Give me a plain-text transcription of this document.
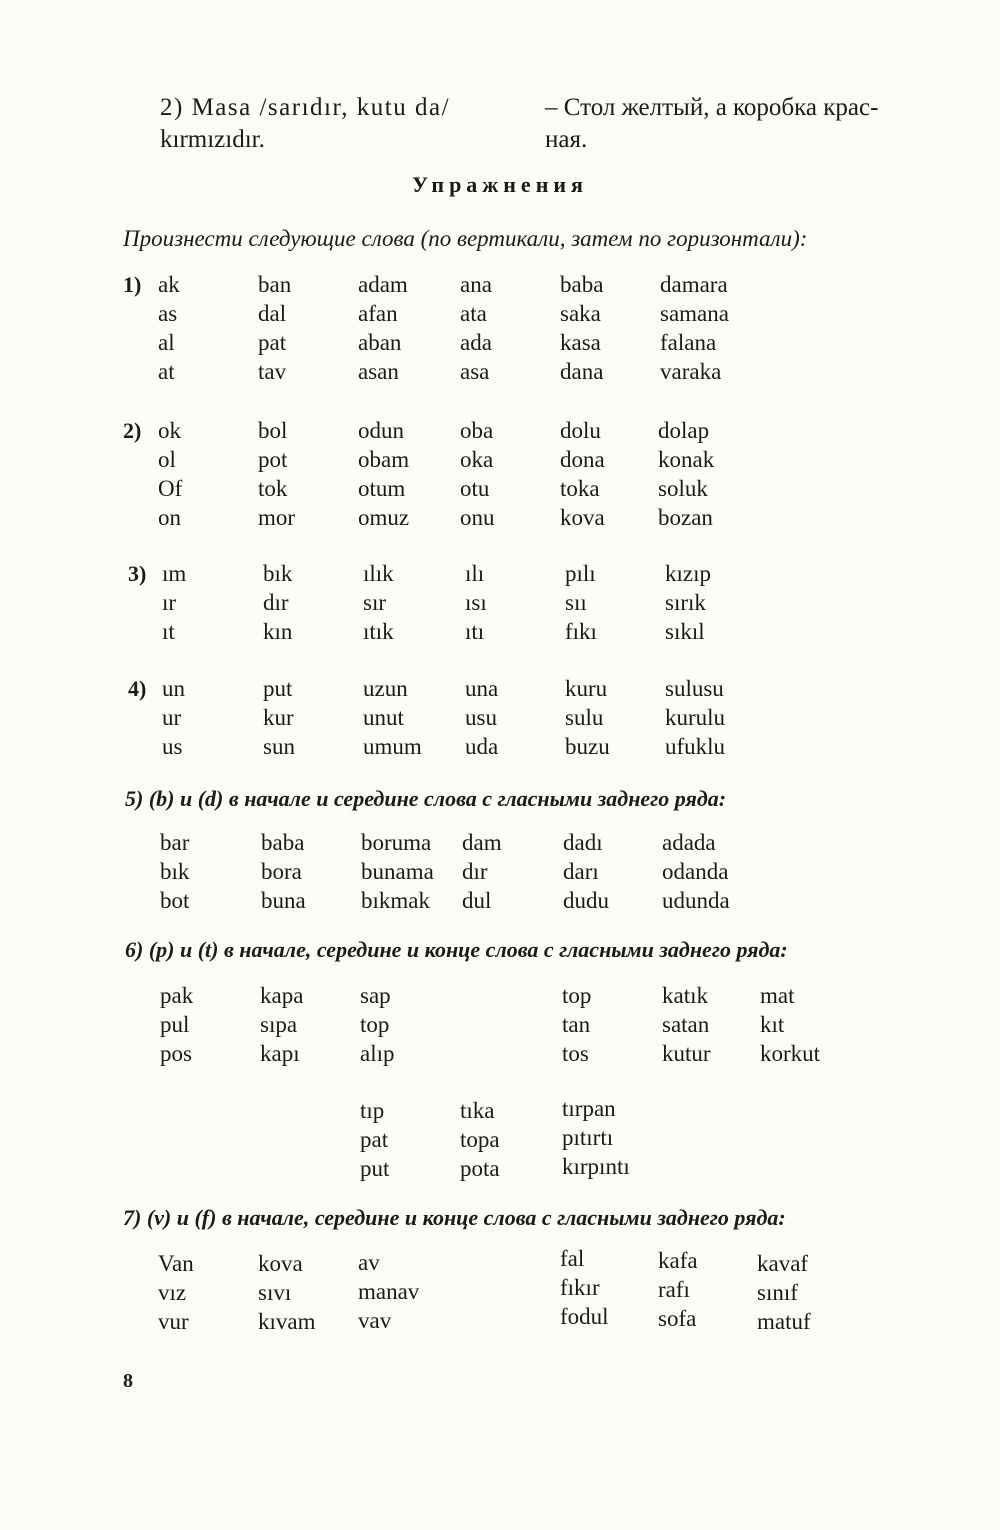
2) Masa /sarıdır, kutu da/
kırmızıdır.
– Стол желтый, а коробка крас-
ная.
Упражнения
Произнести следующие слова (по вертикали, затем по горизонтали):
1) ak
as
al
at
ban
dal
pat
tav
adam
afan
aban
asan
ana
ata
ada
asa
baba
saka
kasa
dana
damara
samana
falana
varaka
2) ok
ol
Of
on
bol
pot
tok
mor
odun
obam
otum
omuz
oba
oka
otu
onu
dolu
dona
toka
kova
dolap
konak
soluk
bozan
3) ım
ır
ıt
bık
dır
kın
ılık
sır
ıtık
ılı
ısı
ıtı
pılı
sıı
fıkı
kızıp
sırık
sıkıl
4) un
ur
us
put
kur
sun
uzun
unut
umum
una
usu
uda
kuru
sulu
buzu
sulusu
kurulu
ufuklu
5) (b) и (d) в начале и середине слова с гласными заднего ряда:
bar
bık
bot
baba
bora
buna
boruma
bunama
bıkmak
dam
dır
dul
dadı
darı
dudu
adada
odanda
udunda
6) (p) и (t) в начале, середине и конце слова с гласными заднего ряда:
pak
pul
pos
kapa
sıpa
kapı
sap
top
alıp
top
tan
tos
katık
satan
kutur
mat
kıt
korkut
tıp
pat
put
tıka
topa
pota
tırpan
pıtırtı
kırpıntı
7) (v) и (f) в начале, середине и конце слова с гласными заднего ряда:
Van
vız
vur
kova
sıvı
kıvam
av
manav
vav
fal
fıkır
fodul
kafa
rafı
sofa
kavaf
sınıf
matuf
8
